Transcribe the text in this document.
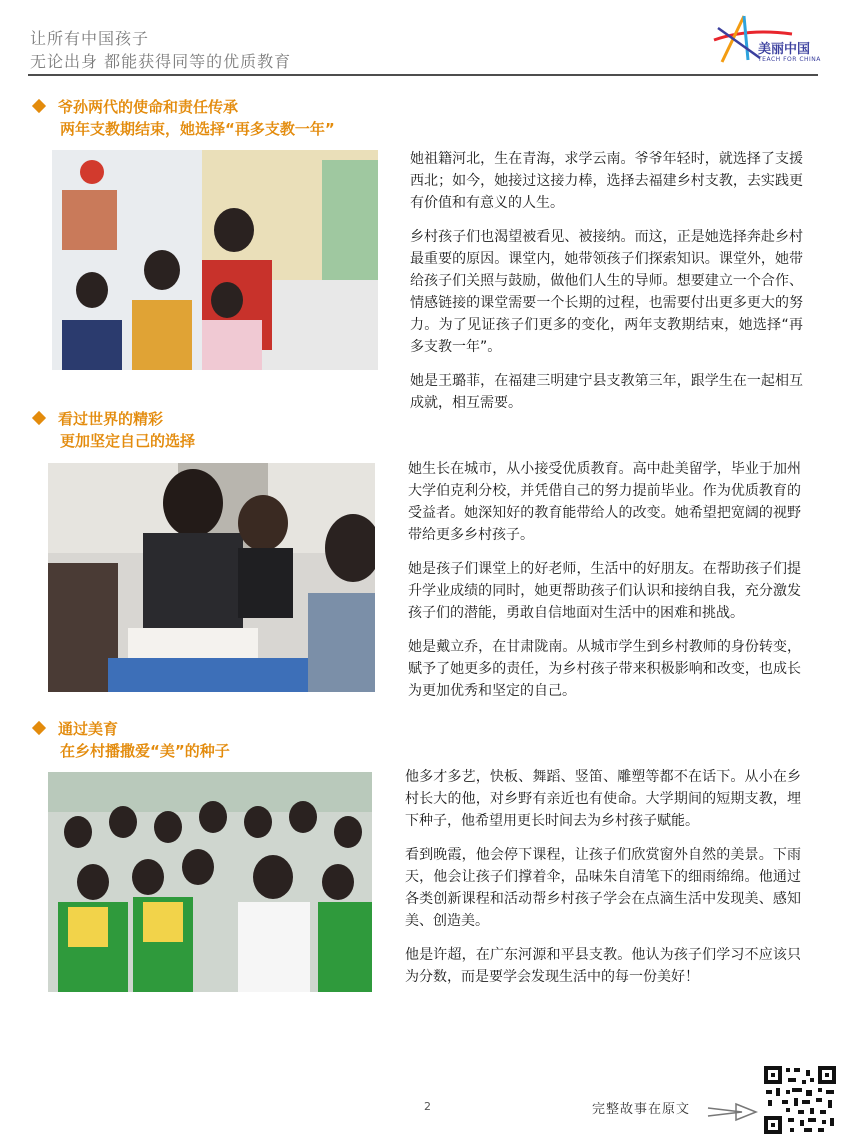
让所有中国孩子
无论出身 都能获得同等的优质教育
美丽中国
TEACH FOR CHINA
爷孙两代的使命和责任传承
两年支教期结束，她选择“再多支教一年”

她祖籍河北，生在青海，求学云南。爷爷年轻时，就选择了支援西北；如今，她接过这接力棒，选择去福建乡村支教，去实践更有价值和有意义的人生。

乡村孩子们也渴望被看见、被接纳。而这，正是她选择奔赴乡村最重要的原因。课堂内，她带领孩子们探索知识。课堂外，她带给孩子们关照与鼓励，做他们人生的导师。想要建立一个合作、情感链接的课堂需要一个长期的过程，也需要付出更多更大的努力。为了见证孩子们更多的变化，两年支教期结束，她选择“再多支教一年”。

她是王璐菲，在福建三明建宁县支教第三年，跟学生在一起相互成就，相互需要。

看过世界的精彩
更加坚定自己的选择

她生长在城市，从小接受优质教育。高中赴美留学，毕业于加州大学伯克利分校，并凭借自己的努力提前毕业。作为优质教育的受益者。她深知好的教育能带给人的改变。她希望把宽阔的视野带给更多乡村孩子。

她是孩子们课堂上的好老师，生活中的好朋友。在帮助孩子们提升学业成绩的同时，她更帮助孩子们认识和接纳自我，充分激发孩子们的潜能，勇敢自信地面对生活中的困难和挑战。

她是戴立乔，在甘肃陇南。从城市学生到乡村教师的身份转变，赋予了她更多的责任，为乡村孩子带来积极影响和改变，也成长为更加优秀和坚定的自己。

通过美育
在乡村播撒爱“美”的种子

他多才多艺，快板、舞蹈、竖笛、雕塑等都不在话下。从小在乡村长大的他，对乡野有亲近也有使命。大学期间的短期支教，埋下种子，他希望用更长时间去为乡村孩子赋能。

看到晚霞，他会停下课程，让孩子们欣赏窗外自然的美景。下雨天，他会让孩子们撑着伞，品味朱自清笔下的细雨绵绵。他通过各类创新课程和活动帮乡村孩子学会在点滴生活中发现美、感知美、创造美。

他是许超，在广东河源和平县支教。他认为孩子们学习不应该只为分数，而是要学会发现生活中的每一份美好！

2	完整故事在原文
